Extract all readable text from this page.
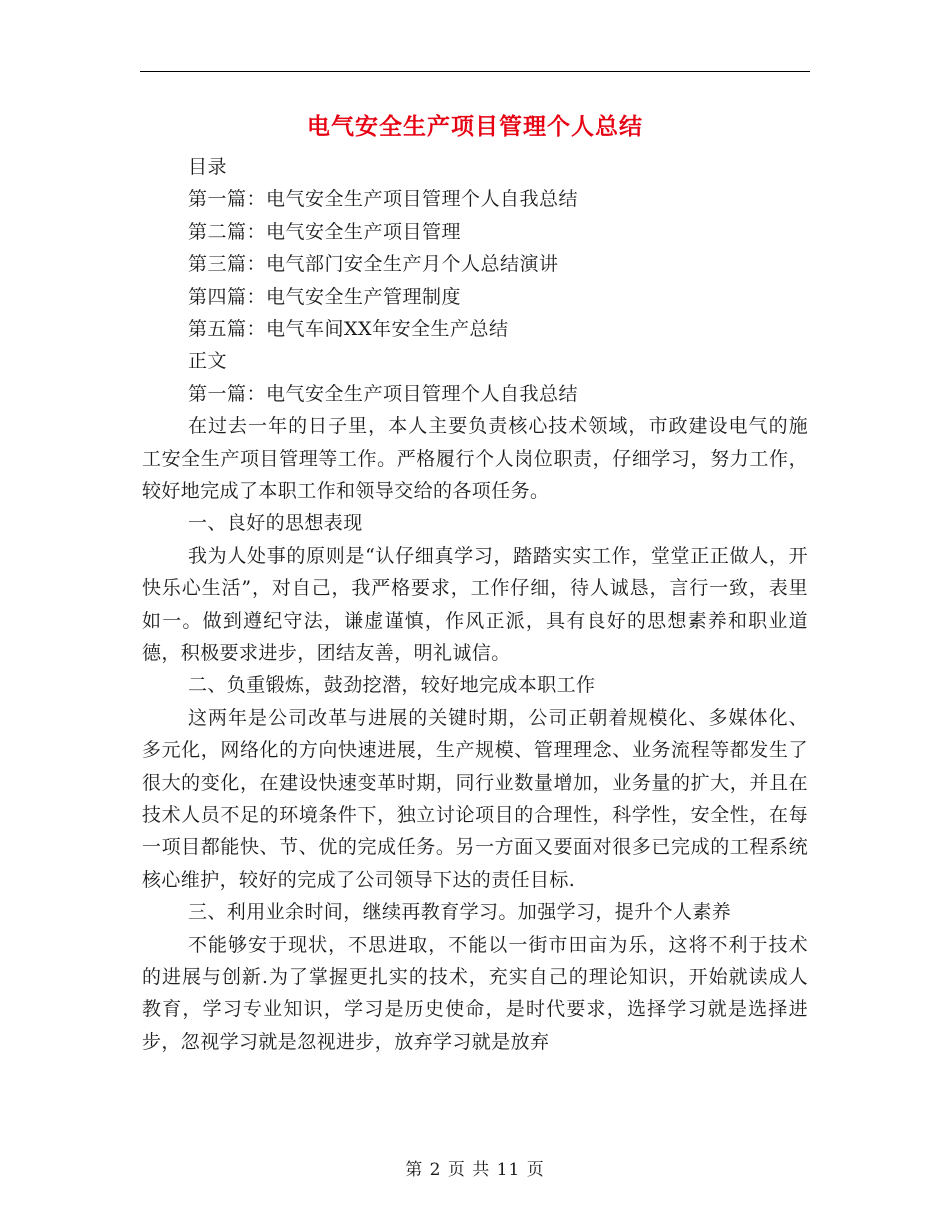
电气安全生产项目管理个人总结
目录
第一篇：电气安全生产项目管理个人自我总结
第二篇：电气安全生产项目管理
第三篇：电气部门安全生产月个人总结演讲
第四篇：电气安全生产管理制度
第五篇：电气车间XX年安全生产总结
正文
第一篇：电气安全生产项目管理个人自我总结
在过去一年的日子里，本人主要负责核心技术领域，市政建设电气的施工安全生产项目管理等工作。严格履行个人岗位职责，仔细学习，努力工作，较好地完成了本职工作和领导交给的各项任务。
一、良好的思想表现
我为人处事的原则是“认仔细真学习，踏踏实实工作，堂堂正正做人，开快乐心生活”，对自己，我严格要求，工作仔细，待人诚恳，言行一致，表里如一。做到遵纪守法，谦虚谨慎，作风正派，具有良好的思想素养和职业道德，积极要求进步，团结友善，明礼诚信。
二、负重锻炼，鼓劲挖潜，较好地完成本职工作
这两年是公司改革与进展的关键时期，公司正朝着规模化、多媒体化、多元化，网络化的方向快速进展，生产规模、管理理念、业务流程等都发生了很大的变化，在建设快速变革时期，同行业数量增加，业务量的扩大，并且在技术人员不足的环境条件下，独立讨论项目的合理性，科学性，安全性，在每一项目都能快、节、优的完成任务。另一方面又要面对很多已完成的工程系统核心维护，较好的完成了公司领导下达的责任目标.
三、利用业余时间，继续再教育学习。加强学习，提升个人素养
不能够安于现状，不思进取，不能以一街市田亩为乐，这将不利于技术的进展与创新.为了掌握更扎实的技术，充实自己的理论知识，开始就读成人教育，学习专业知识，学习是历史使命，是时代要求，选择学习就是选择进步，忽视学习就是忽视进步，放弃学习就是放弃
第 2 页 共 11 页
